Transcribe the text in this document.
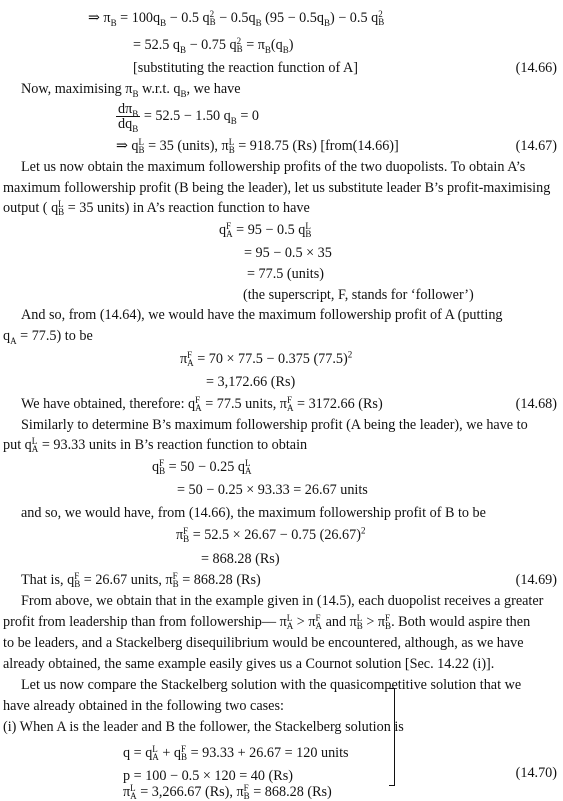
⇒ $\pi_B = 100q_B - 0.5$ q 2
$B - 0.5q_B$ $(95 - 0.5q_B) - 0.5$ q 2
B
= 52.5 $q_B - 0.75$ q 2
$B = \pi_B(q_B)$
[substituting the reaction function of A]	(14.66)
Now, maximising $\pi_B$ w.r.t. $q_B$, we have
$\frac{d\pi_B}{dq_B} = 52.5 - 1.50$ $q_B = 0$
⇒ q L
B = 35 (units), π L
B = 918.75 (Rs) [from(14.66)]	(14.67)
Let us now obtain the maximum followership profits of the two duopolists. To obtain A’s
maximum followership profit (B being the leader), let us substitute leader B’s profit-maximising
output ( q L
B = 35 units) in A’s reaction function to have
q F
A = 95 − 0.5 q L
B
= 95 − 0.5 × 35
= 77.5 (units)
(the superscript, F, stands for ‘follower’)
And so, from (14.64), we would have the maximum followership profit of A (putting
$q_A = 77.5$) to be
π F
A = 70 × 77.5 − 0.375 $(77.5)^2$
= 3,172.66 (Rs)
We have obtained, therefore: q F
A = 77.5 units, π F
A = 3172.66 (Rs)	(14.68)
Similarly to determine B’s maximum followership profit (A being the leader), we have to
put q L
A = 93.33 units in B’s reaction function to obtain
q F
B = 50 − 0.25 q L
A
= 50 − 0.25 × 93.33 = 26.67 units
and so, we would have, from (14.66), the maximum followership profit of B to be
π F
B = 52.5 × 26.67 − 0.75 $(26.67)^2$
= 868.28 (Rs)
That is, q F
B = 26.67 units, π F
B = 868.28 (Rs)	(14.69)
From above, we obtain that in the example given in (14.5), each duopolist receives a greater
profit from leadership than from followership— π L
A > π F
A and π L
B > π F
B . Both would aspire then
to be leaders, and a Stackelberg disequilibrium would be encountered, although, as we have
already obtained, the same example easily gives us a Cournot solution [Sec. 14.22 (i)].
Let us now compare the Stackelberg solution with the quasicompetitive solution that we
have already obtained in the following two cases:
(i) When A is the leader and B the follower, the Stackelberg solution is
q = q L
A + q F
B = 93.33 + 26.67 = 120 units
p = 100 − 0.5 × 120 = 40 (Rs)
π L
A = 3,266.67 (Rs), π F
B = 868.28 (Rs)
(14.70)
